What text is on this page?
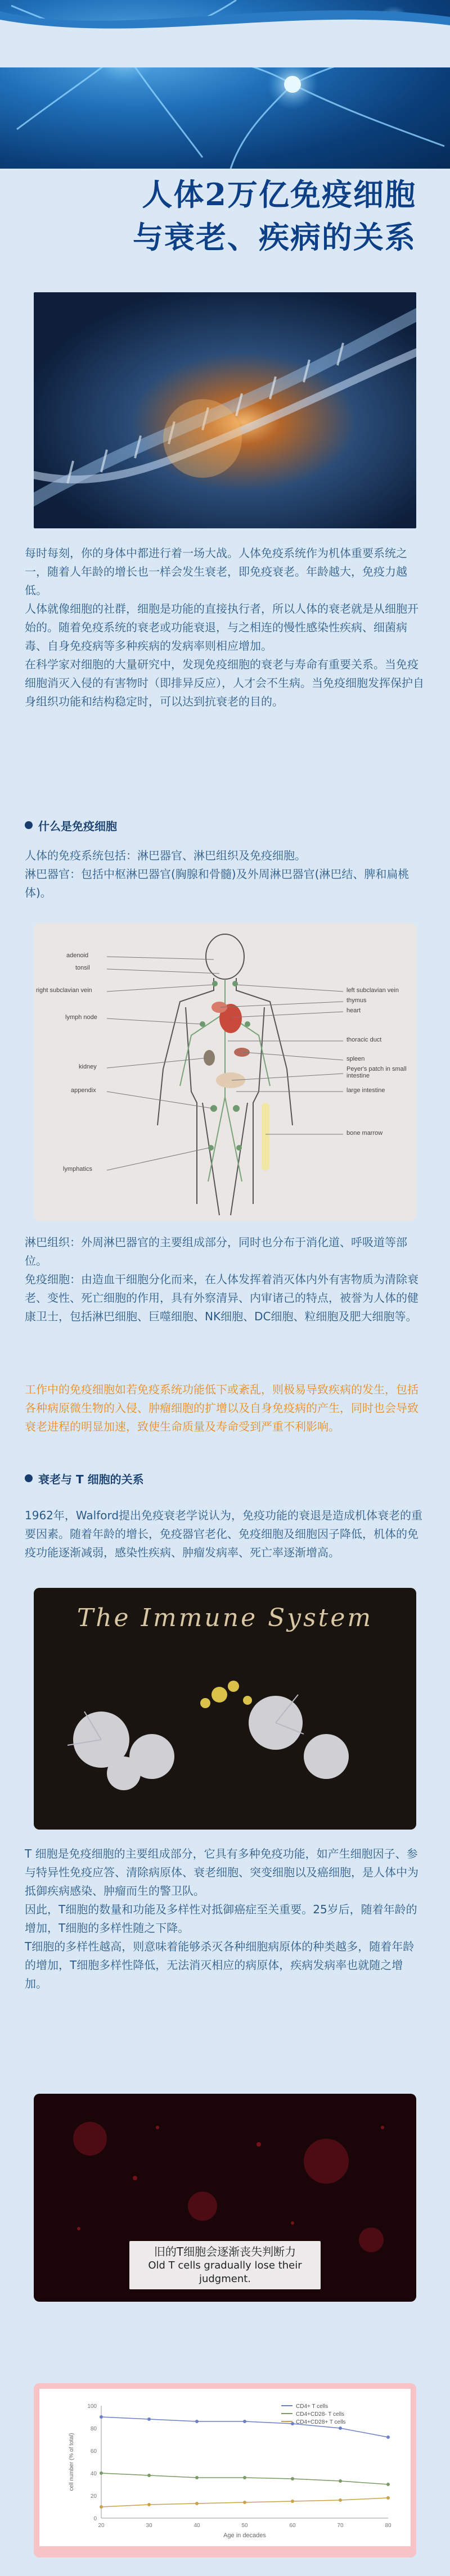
人体2万亿免疫细胞
与衰老、疾病的关系

每时每刻，你的身体中都进行着一场大战。人体免疫系统作为机体重要系统之一，随着人年龄的增长也一样会发生衰老，即免疫衰老。年龄越大，免疫力越低。

人体就像细胞的社群，细胞是功能的直接执行者，所以人体的衰老就是从细胞开始的。随着免疫系统的衰老或功能衰退，与之相连的慢性感染性疾病、细菌病毒、自身免疫病等多种疾病的发病率则相应增加。

在科学家对细胞的大量研究中，发现免疫细胞的衰老与寿命有重要关系。当免疫细胞消灭入侵的有害物时（即排异反应），人才会不生病。当免疫细胞发挥保护自身组织功能和结构稳定时，可以达到抗衰老的目的。

什么是免疫细胞

人体的免疫系统包括：淋巴器官、淋巴组织及免疫细胞。

淋巴器官：包括中枢淋巴器官(胸腺和骨髓)及外周淋巴器官(淋巴结、脾和扁桃体)。

adenoid
tonsil
right subclavian vein
lymph node
kidney
appendix
lymphatics
left subclavian vein
thymus
heart
thoracic duct
spleen
Peyer's patch in small intestine
large intestine
bone marrow

淋巴组织：外周淋巴器官的主要组成部分，同时也分布于消化道、呼吸道等部位。

免疫细胞：由造血干细胞分化而来，在人体发挥着消灭体内外有害物质为清除衰老、变性、死亡细胞的作用，具有外察清异、内审诸己的特点，被誉为人体的健康卫士，包括淋巴细胞、巨噬细胞、NK细胞、DC细胞、粒细胞及肥大细胞等。

工作中的免疫细胞如若免疫系统功能低下或紊乱，则极易导致疾病的发生，包括各种病原微生物的入侵、肿瘤细胞的扩增以及自身免疫病的产生，同时也会导致衰老进程的明显加速，致使生命质量及寿命受到严重不利影响。

衰老与 T 细胞的关系

1962年，Walford提出免疫衰老学说认为，免疫功能的衰退是造成机体衰老的重要因素。随着年龄的增长，免疫器官老化、免疫细胞及细胞因子降低，机体的免疫功能逐渐减弱，感染性疾病、肿瘤发病率、死亡率逐渐增高。

The Immune System

T 细胞是免疫细胞的主要组成部分，它具有多种免疫功能，如产生细胞因子、参与特异性免疫应答、清除病原体、衰老细胞、突变细胞以及癌细胞，是人体中为抵御疾病感染、肿瘤而生的警卫队。

因此，T细胞的数量和功能及多样性对抵御癌症至关重要。25岁后，随着年龄的增加，T细胞的多样性随之下降。

T细胞的多样性越高，则意味着能够杀灭各种细胞病原体的种类越多，随着年龄的增加，T细胞多样性降低，无法消灭相应的病原体，疾病发病率也就随之增加。

旧的T细胞会逐渐丧失判断力
Old T cells gradually lose their judgment.
0
20
40
60
80
100
20	30	40	50	60	70	80
Age in decades
cell number (% of total)
CD4+ T cells
CD4+CD28- T cells
CD4+CD28+ T cells
